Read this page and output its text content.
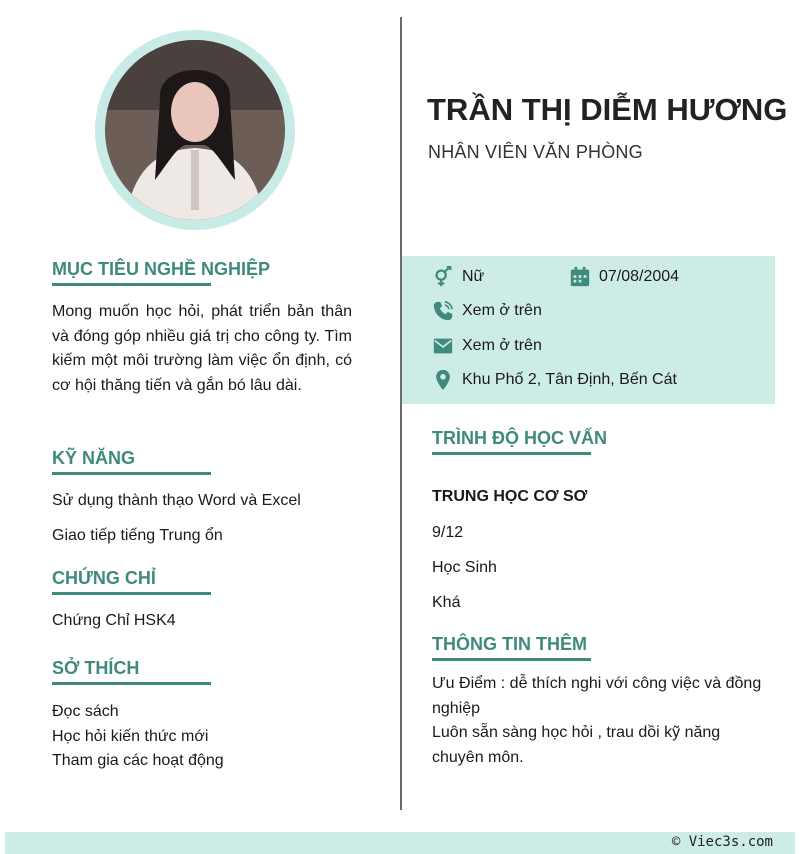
TRẦN THỊ DIỄM HƯƠNG
NHÂN VIÊN VĂN PHÒNG
MỤC TIÊU NGHỀ NGHIỆP
Mong muốn học hỏi, phát triển bản thân và đóng góp nhiều giá trị cho công ty. Tìm kiếm một môi trường làm việc ổn định, có cơ hội thăng tiến và gắn bó lâu dài.
KỸ NĂNG
Sử dụng thành thạo Word và Excel
Giao tiếp tiếng Trung ổn
CHỨNG CHỈ
Chứng Chỉ HSK4
SỞ THÍCH
Đọc sách
Học hỏi kiến thức mới
Tham gia các hoạt động
Nữ	07/08/2004
Xem ở trên
Xem ở trên
Khu Phố 2, Tân Định, Bến Cát
TRÌNH ĐỘ HỌC VẤN
TRUNG HỌC CƠ SƠ
9/12
Học Sinh
Khá
THÔNG TIN THÊM
Ưu Điểm : dễ thích nghi với công việc và đồng nghiệp
Luôn sẵn sàng học hỏi , trau dồi kỹ năng chuyên môn.
© Viec3s.com
